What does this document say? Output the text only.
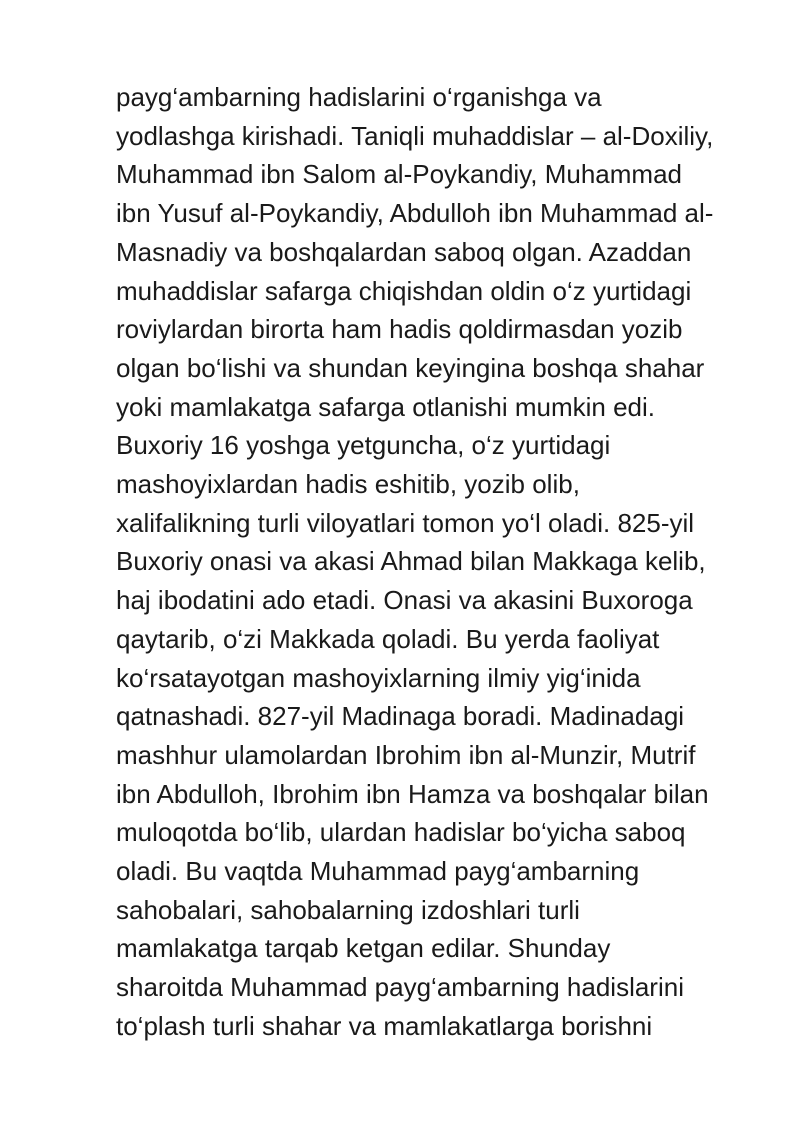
payg‘ambarning hadislarini o‘rganishga va
yodlashga kirishadi. Taniqli muhaddislar – al-Doxiliy,
Muhammad ibn Salom al-Poykandiy, Muhammad
ibn Yusuf al-Poykandiy, Abdulloh ibn Muhammad al-
Masnadiy va boshqalardan saboq olgan. Azaddan
muhaddislar safarga chiqishdan oldin o‘z yurtidagi
roviylardan birorta ham hadis qoldirmasdan yozib
olgan bo‘lishi va shundan keyingina boshqa shahar
yoki mamlakatga safarga otlanishi mumkin edi.
Buxoriy 16 yoshga yetguncha, o‘z yurtidagi
mashoyixlardan hadis eshitib, yozib olib,
xalifalikning turli viloyatlari tomon yo‘l oladi. 825-yil
Buxoriy onasi va akasi Ahmad bilan Makkaga kelib,
haj ibodatini ado etadi. Onasi va akasini Buxoroga
qaytarib, o‘zi Makkada qoladi. Bu yerda faoliyat
ko‘rsatayotgan mashoyixlarning ilmiy yig‘inida
qatnashadi. 827-yil Madinaga boradi. Madinadagi
mashhur ulamolardan Ibrohim ibn al-Munzir, Mutrif
ibn Abdulloh, Ibrohim ibn Hamza va boshqalar bilan
muloqotda bo‘lib, ulardan hadislar bo‘yicha saboq
oladi. Bu vaqtda Muhammad payg‘ambarning
sahobalari, sahobalarning izdoshlari turli
mamlakatga tarqab ketgan edilar. Shunday
sharoitda Muhammad payg‘ambarning hadislarini
to‘plash turli shahar va mamlakatlarga borishni
